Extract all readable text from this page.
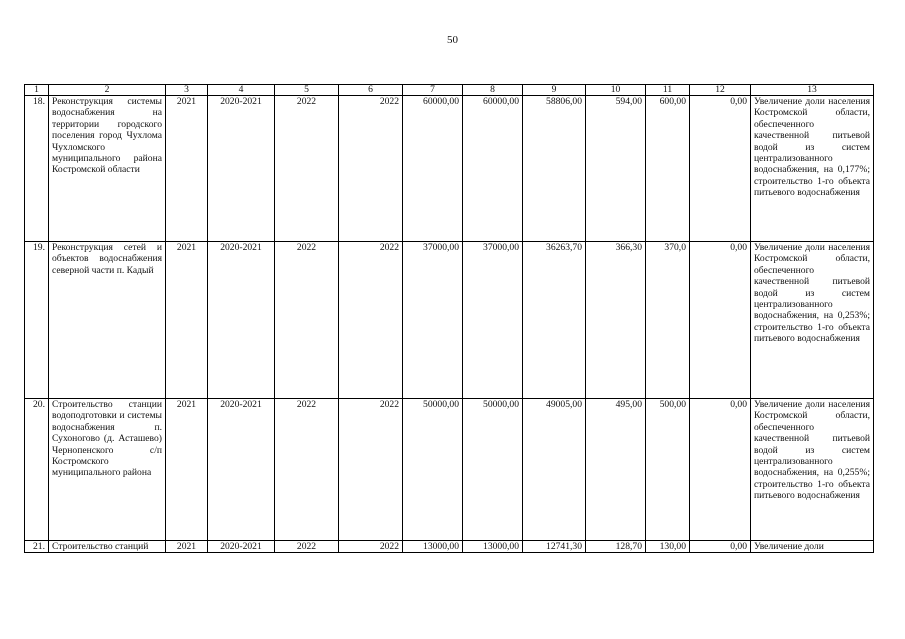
50
1	2	3	4	5	6	7	8	9	10	11	12	13
18.	Реконструкция системы водоснабжения на территории городского поселения город Чухлома Чухломского муниципального района Костромской области	2021	2020-2021	2022	2022	60000,00	60000,00	58806,00	594,00	600,00	0,00	Увеличение доли населения Костромской области, обеспеченного качественной питьевой водой из систем централизованного водоснабжения, на 0,177%; строительство 1-го объекта питьевого водоснабжения
19.	Реконструкция сетей и объектов водоснабжения северной части п. Кадый	2021	2020-2021	2022	2022	37000,00	37000,00	36263,70	366,30	370,0	0,00	Увеличение доли населения Костромской области, обеспеченного качественной питьевой водой из систем централизованного водоснабжения, на 0,253%; строительство 1-го объекта питьевого водоснабжения
20.	Строительство станции водоподготовки и системы водоснабжения п. Сухоногово (д. Асташево) Чернопенского с/п Костромского муниципального района	2021	2020-2021	2022	2022	50000,00	50000,00	49005,00	495,00	500,00	0,00	Увеличение доли населения Костромской области, обеспеченного качественной питьевой водой из систем централизованного водоснабжения, на 0,255%; строительство 1-го объекта питьевого водоснабжения
21.	Строительство станций	2021	2020-2021	2022	2022	13000,00	13000,00	12741,30	128,70	130,00	0,00	Увеличение доли
